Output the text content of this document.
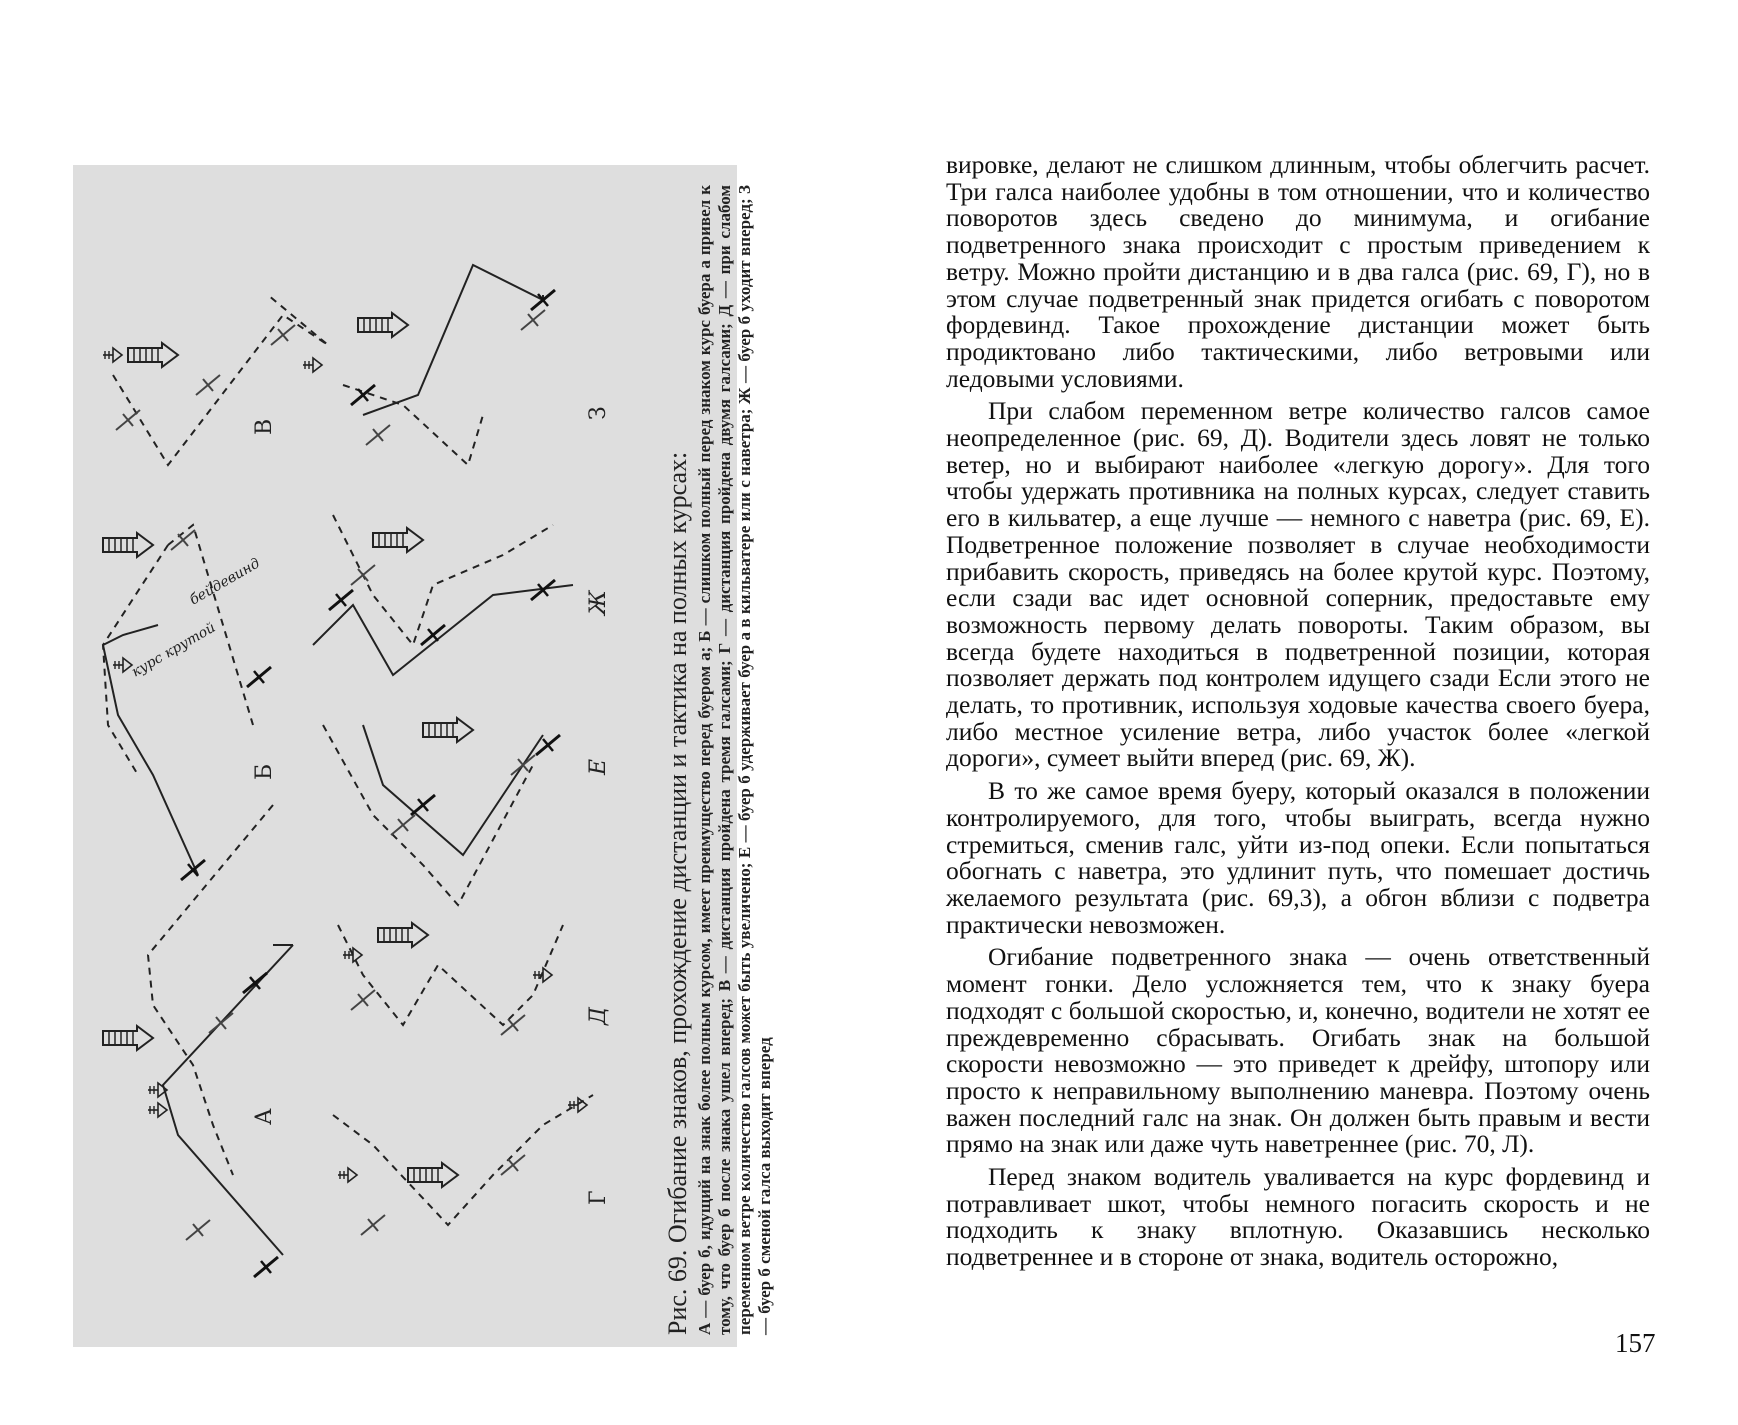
А
курс крутой
бейдевинд
Б
В
Г
Д
Е
Ж
З
Рис. 69. Огибание знаков, прохождение дистанции и тактика на полных курсах: А — буер б, идущий на знак более полным курсом, имеет преимущество перед буером а; Б — слишком полный перед знаком курс буера а привел к тому, что буер б после знака ушел вперед; В — дистанция пройдена тремя галсами; Г — дистанция пройдена двумя галсами; Д — при слабом переменном ветре количество галсов может быть увеличено; Е — буер б удерживает буер а в кильватере или с наветра; Ж — буер б уходит вперед; З — буер б сменой галса выходит вперед

вировке, делают не слишком длинным, чтобы облегчить расчет. Три галса наиболее удобны в том отношении, что и количество поворотов здесь сведено до минимума, и огибание подветренного знака происходит с простым приведением к ветру. Можно пройти дистанцию и в два галса (рис. 69, Г), но в этом случае подветренный знак придется огибать с поворотом фордевинд. Такое прохождение дистанции может быть продиктовано либо тактическими, либо ветровыми или ледовыми условиями.

При слабом переменном ветре количество галсов самое неопределенное (рис. 69, Д). Водители здесь ловят не только ветер, но и выбирают наиболее «легкую дорогу». Для того чтобы удержать противника на полных курсах, следует ставить его в кильватер, а еще лучше — немного с наветра (рис. 69, Е). Подветренное положение позволяет в случае необходимости прибавить скорость, приведясь на более крутой курс. Поэтому, если сзади вас идет основной соперник, предоставьте ему возможность первому делать повороты. Таким образом, вы всегда будете находиться в подветренной позиции, которая позволяет держать под контролем идущего сзади Если этого не делать, то противник, используя ходовые качества своего буера, либо местное усиление ветра, либо участок более «легкой дороги», сумеет выйти вперед (рис. 69, Ж).

В то же самое время буеру, который оказался в положении контролируемого, для того, чтобы выиграть, всегда нужно стремиться, сменив галс, уйти из-под опеки. Если попытаться обогнать с наветра, это удлинит путь, что помешает достичь желаемого результата (рис. 69,3), а обгон вблизи с подветра практически невозможен.

Огибание подветренного знака — очень ответственный момент гонки. Дело усложняется тем, что к знаку буера подходят с большой скоростью, и, конечно, водители не хотят ее преждевременно сбрасывать. Огибать знак на большой скорости невозможно — это приведет к дрейфу, штопору или просто к неправильному выполнению маневра. Поэтому очень важен последний галс на знак. Он должен быть правым и вести прямо на знак или даже чуть наветреннее (рис. 70, Л).

Перед знаком водитель уваливается на курс фордевинд и потравливает шкот, чтобы немного погасить скорость и не подходить к знаку вплотную. Оказавшись несколько подветреннее и в стороне от знака, водитель осторожно,

157
